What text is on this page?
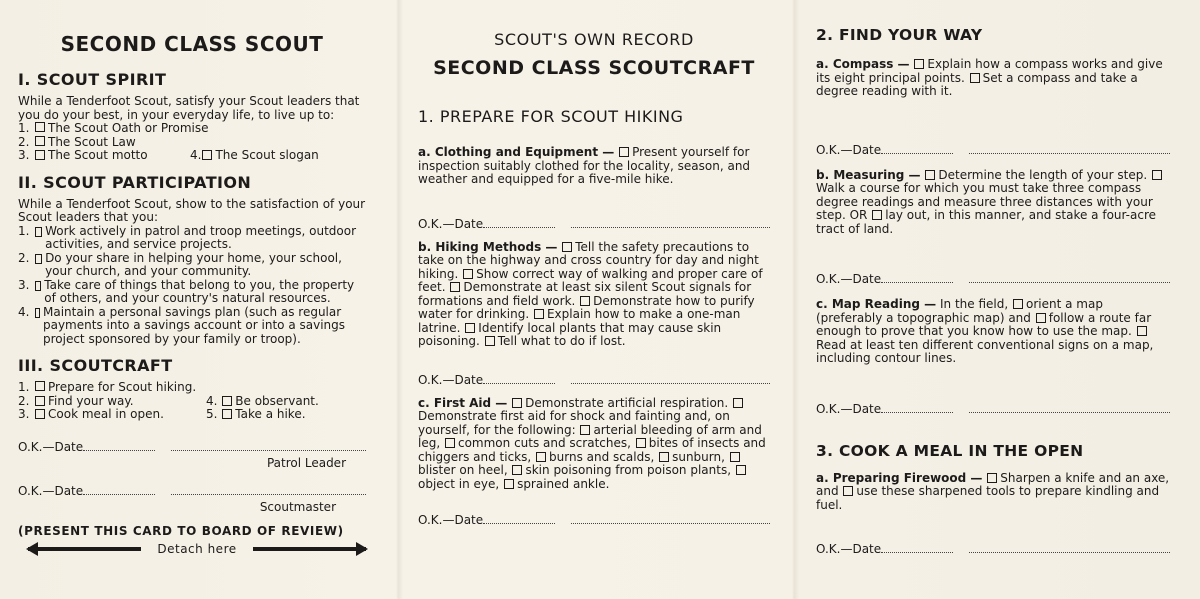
SECOND CLASS SCOUT
I. SCOUT SPIRIT

While a Tenderfoot Scout, satisfy your Scout leaders that you do your best, in your everyday life, to live up to:

1.	The Scout Oath or Promise
2.	The Scout Law
3. The Scout motto	4. The Scout slogan
II. SCOUT PARTICIPATION

While a Tenderfoot Scout, show to the satisfaction of your Scout leaders that you:

1.	Work actively in patrol and troop meetings, outdoor activities, and service projects.
2.	Do your share in helping your home, your school, your church, and your community.
3.	Take care of things that belong to you, the property of others, and your country's natural resources.
4.	Maintain a personal savings plan (such as regular payments into a savings account or into a savings project sponsored by your family or troop).
III. SCOUTCRAFT
1.	Prepare for Scout hiking.
2. Find your way.	4. Be observant.
3. Cook meal in open.	5. Take a hike.
O.K.—Date
Patrol Leader
O.K.—Date
Scoutmaster
(PRESENT THIS CARD TO BOARD OF REVIEW)
Detach here
SCOUT'S OWN RECORD
SECOND CLASS SCOUTCRAFT
1. PREPARE FOR SCOUT HIKING

a. Clothing and Equipment — Present yourself for inspection suitably clothed for the locality, season, and weather and equipped for a five-mile hike.

O.K.—Date

b. Hiking Methods — Tell the safety precautions to take on the highway and cross country for day and night hiking. Show correct way of walking and proper care of feet. Demonstrate at least six silent Scout signals for formations and field work. Demonstrate how to purify water for drinking. Explain how to make a one-man latrine. Identify local plants that may cause skin poisoning. Tell what to do if lost.

O.K.—Date

c. First Aid — Demonstrate artificial respiration. Demonstrate first aid for shock and fainting and, on yourself, for the following: arterial bleeding of arm and leg, common cuts and scratches, bites of insects and chiggers and ticks, burns and scalds, sunburn, blister on heel, skin poisoning from poison plants, object in eye, sprained ankle.

O.K.—Date
2. FIND YOUR WAY

a. Compass — Explain how a compass works and give its eight principal points. Set a compass and take a degree reading with it.

O.K.—Date

b. Measuring — Determine the length of your step. Walk a course for which you must take three compass degree readings and measure three distances with your step. OR lay out, in this manner, and stake a four-acre tract of land.

O.K.—Date

c. Map Reading — In the field, orient a map (preferably a topographic map) and follow a route far enough to prove that you know how to use the map. Read at least ten different conventional signs on a map, including contour lines.

O.K.—Date
3. COOK A MEAL IN THE OPEN

a. Preparing Firewood — Sharpen a knife and an axe, and use these sharpened tools to prepare kindling and fuel.

O.K.—Date
